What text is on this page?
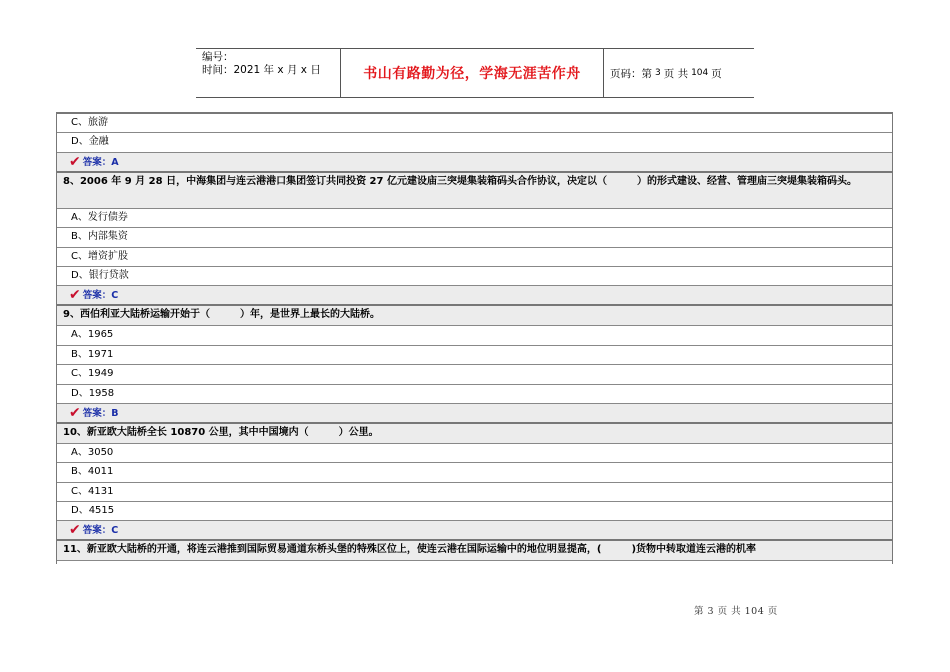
编号：
时间：2021 年 x 月 x 日	书山有路勤为径，学海无涯苦作舟	页码：第 3 页 共 104 页
C、旅游
D、金融
✔ 答案：A
8、2006 年 9 月 28 日，中海集团与连云港港口集团签订共同投资 27 亿元建设庙三突堤集装箱码头合作协议，决定以（　　　）的形式建设、经营、管理庙三突堤集装箱码头。
A、发行债券
B、内部集资
C、增资扩股
D、银行贷款
✔ 答案：C
9、西伯利亚大陆桥运输开始于（　　　）年，是世界上最长的大陆桥。
A、1965
B、1971
C、1949
D、1958
✔ 答案：B
10、新亚欧大陆桥全长 10870 公里，其中中国境内（　　　）公里。
A、3050
B、4011
C、4131
D、4515
✔ 答案：C
11、新亚欧大陆桥的开通，将连云港推到国际贸易通道东桥头堡的特殊区位上，使连云港在国际运输中的地位明显提高，(　　　)货物中转取道连云港的机率
第 3 页 共 104 页
